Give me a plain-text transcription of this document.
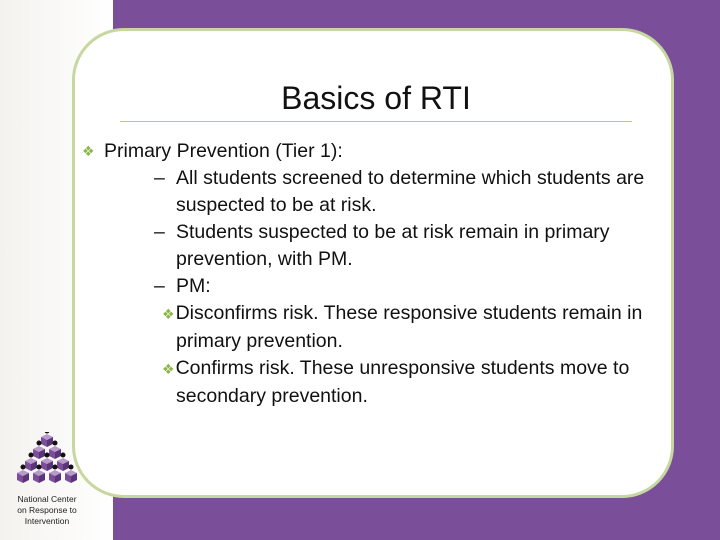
Basics of RTI
❖ Primary Prevention (Tier 1):
– All students screened to determine which students are suspected to be at risk.
– Students suspected to be at risk remain in primary prevention, with PM.
– PM:
❖Disconfirms risk. These responsive students remain in primary prevention.
❖Confirms risk. These unresponsive students move to secondary prevention.
National Center
on Response to
Intervention
